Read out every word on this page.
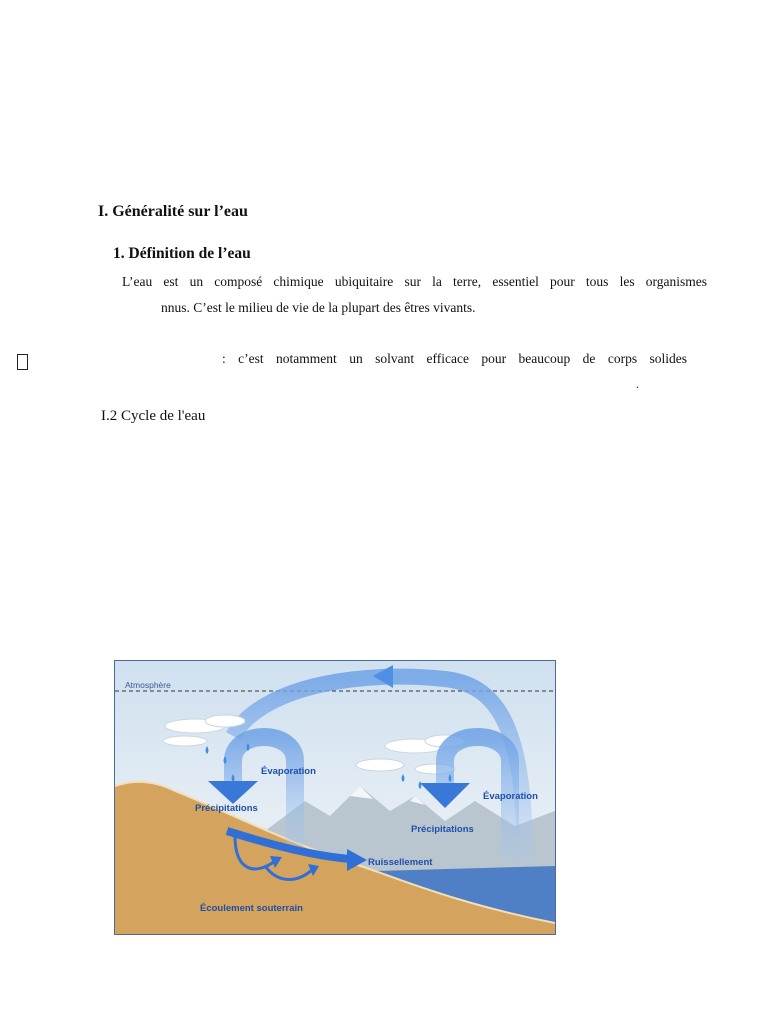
I. Généralité sur l’eau
1. Définition de l’eau
L’eau est un composé chimique ubiquitaire sur la terre, essentiel pour tous les organismes
nnus. C’est le milieu de vie de la plupart des êtres vivants.
: c’est notamment un solvant efficace pour beaucoup de corps solides
.
I.2 Cycle de l'eau
Atmosphère
Évaporation
Évaporation
Précipitations
Précipitations
Ruissellement
Écoulement souterrain
